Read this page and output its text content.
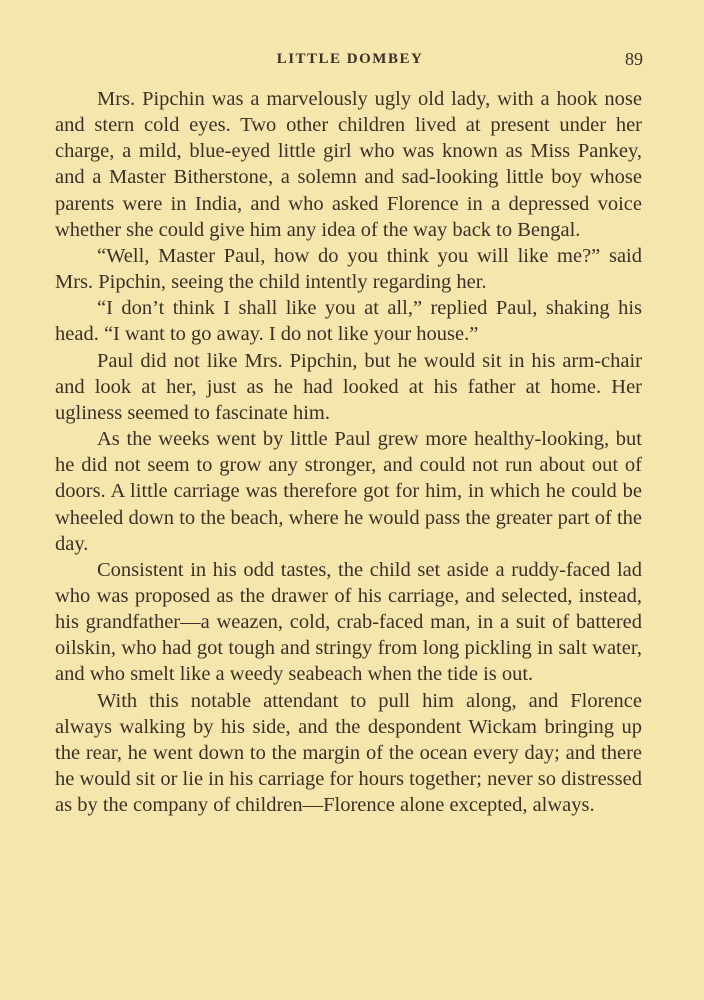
LITTLE DOMBEY	89

Mrs. Pipchin was a marvelously ugly old lady, with a hook nose and stern cold eyes. Two other children lived at present under her charge, a mild, blue-eyed little girl who was known as Miss Pankey, and a Master Bitherstone, a solemn and sad-looking little boy whose parents were in India, and who asked Florence in a depressed voice whether she could give him any idea of the way back to Bengal.

“Well, Master Paul, how do you think you will like me?” said Mrs. Pipchin, seeing the child intently regarding her.

“I don’t think I shall like you at all,” replied Paul, shaking his head. “I want to go away. I do not like your house.”

Paul did not like Mrs. Pipchin, but he would sit in his arm-chair and look at her, just as he had looked at his father at home. Her ugliness seemed to fascinate him.

As the weeks went by little Paul grew more healthy-looking, but he did not seem to grow any stronger, and could not run about out of doors. A little carriage was therefore got for him, in which he could be wheeled down to the beach, where he would pass the greater part of the day.

Consistent in his odd tastes, the child set aside a ruddy-faced lad who was proposed as the drawer of his carriage, and selected, instead, his grandfather—a weazen, cold, crab-faced man, in a suit of battered oilskin, who had got tough and stringy from long pickling in salt water, and who smelt like a weedy seabeach when the tide is out.

With this notable attendant to pull him along, and Florence always walking by his side, and the despondent Wickam bringing up the rear, he went down to the margin of the ocean every day; and there he would sit or lie in his carriage for hours together; never so distressed as by the company of children—Florence alone excepted, always.
